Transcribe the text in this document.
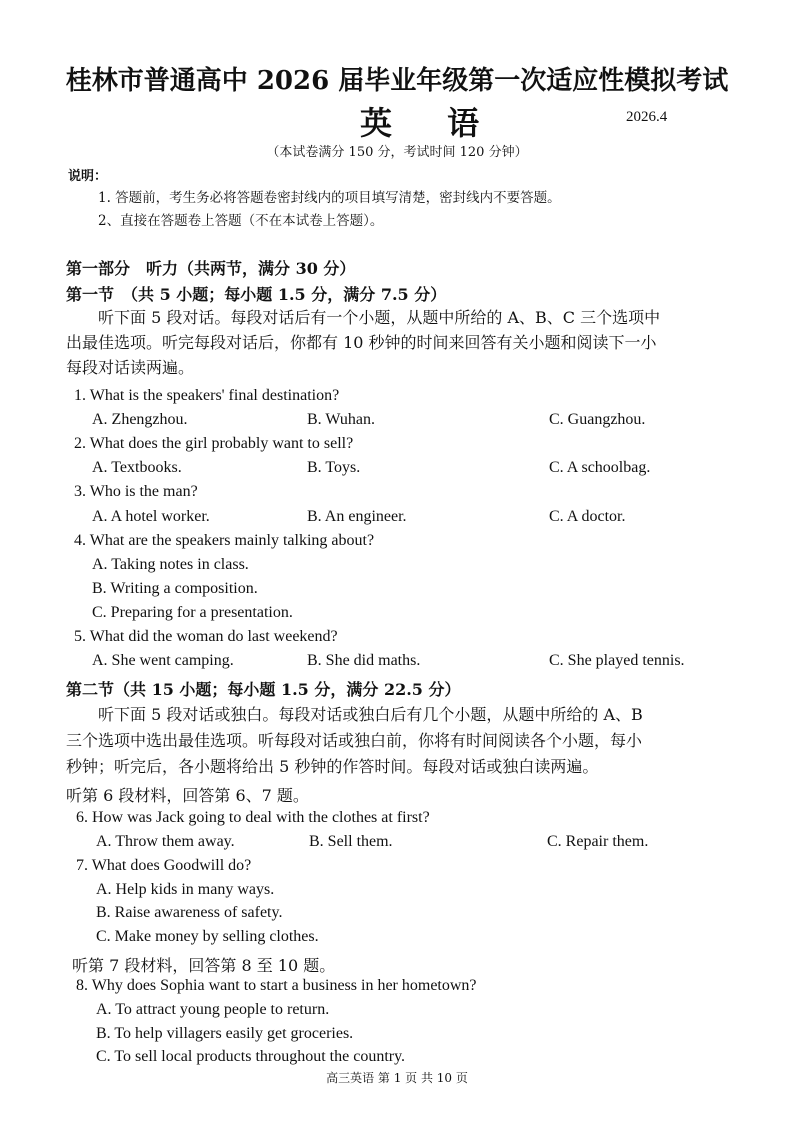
桂林市普通高中 2026 届毕业年级第一次适应性模拟考试
英 语	2026.4
（本试卷满分 150 分，考试时间 120 分钟）
说明：
1. 答题前，考生务必将答题卷密封线内的项目填写清楚，密封线内不要答题。
2、直接在答题卷上答题（不在本试卷上答题）。
第一部分　听力（共两节，满分 30 分）
第一节　（共 5 小题；每小题 1.5 分，满分 7.5 分）
　　听下面 5 段对话。每段对话后有一个小题，从题中所给的 A、B、C 三个选项中
出最佳选项。听完每段对话后，你都有 10 秒钟的时间来回答有关小题和阅读下一小
每段对话读两遍。
1. What is the speakers' final destination?
A. Zhengzhou.	B. Wuhan.	C. Guangzhou.
2. What does the girl probably want to sell?
A. Textbooks.	B. Toys.	C. A schoolbag.
3. Who is the man?
A. A hotel worker.	B. An engineer.	C. A doctor.
4. What are the speakers mainly talking about?
A. Taking notes in class.
B. Writing a composition.
C. Preparing for a presentation.
5. What did the woman do last weekend?
A. She went camping.	B. She did maths.	C. She played tennis.
第二节（共 15 小题；每小题 1.5 分，满分 22.5 分）
　　听下面 5 段对话或独白。每段对话或独白后有几个小题，从题中所给的 A、B
三个选项中选出最佳选项。听每段对话或独白前，你将有时间阅读各个小题，每小
秒钟；听完后，各小题将给出 5 秒钟的作答时间。每段对话或独白读两遍。
听第 6 段材料，回答第 6、7 题。
6. How was Jack going to deal with the clothes at first?
A. Throw them away.	B. Sell them.	C. Repair them.
7. What does Goodwill do?
A. Help kids in many ways.
B. Raise awareness of safety.
C. Make money by selling clothes.
听第 7 段材料，回答第 8 至 10 题。
8. Why does Sophia want to start a business in her hometown?
A. To attract young people to return.
B. To help villagers easily get groceries.
C. To sell local products throughout the country.
高三英语 第 1 页 共 10 页
